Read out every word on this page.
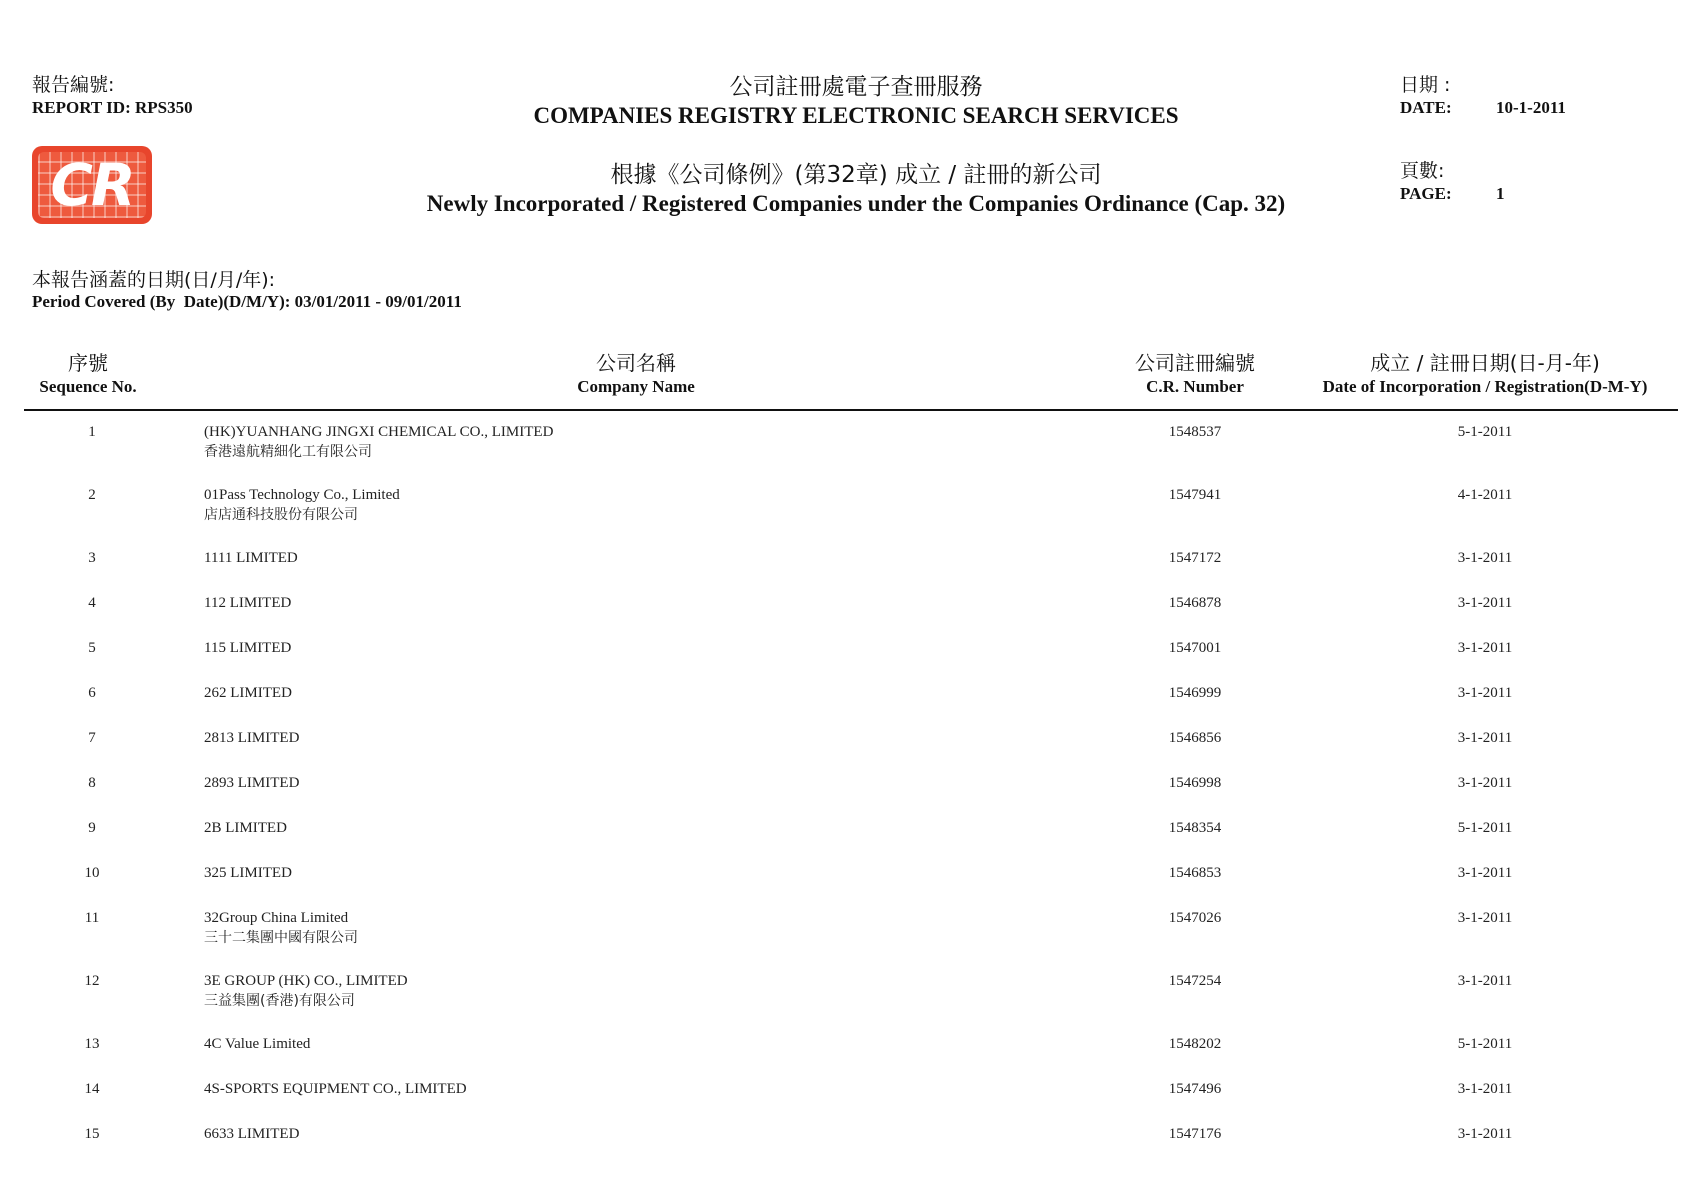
報告編號:
REPORT ID: RPS350
公司註冊處電子查冊服務
COMPANIES REGISTRY ELECTRONIC SEARCH SERVICES
根據《公司條例》(第32章) 成立 / 註冊的新公司
Newly Incorporated / Registered Companies under the Companies Ordinance (Cap. 32)
CR
日期 :
DATE:	10-1-2011
頁數:
PAGE:	1
本報告涵蓋的日期(日/月/年):
Period Covered (By  Date)(D/M/Y): 03/01/2011 - 09/01/2011
序號
Sequence No.
公司名稱
Company Name
公司註冊編號
C.R. Number
成立 / 註冊日期(日-月-年)
Date of Incorporation / Registration(D-M-Y)
1	(HK)YUANHANG JINGXI CHEMICAL CO., LIMITED
香港遠航精細化工有限公司
1548537	5-1-2011
2	01Pass Technology Co., Limited
店店通科技股份有限公司
1547941	4-1-2011
3	1111 LIMITED	1547172	3-1-2011
4	112 LIMITED	1546878	3-1-2011
5	115 LIMITED	1547001	3-1-2011
6	262 LIMITED	1546999	3-1-2011
7	2813 LIMITED	1546856	3-1-2011
8	2893 LIMITED	1546998	3-1-2011
9	2B LIMITED	1548354	5-1-2011
10	325 LIMITED	1546853	3-1-2011
11	32Group China Limited
三十二集團中國有限公司
1547026	3-1-2011
12	3E GROUP (HK) CO., LIMITED
三益集團(香港)有限公司
1547254	3-1-2011
13	4C Value Limited	1548202	5-1-2011
14	4S-SPORTS EQUIPMENT CO., LIMITED	1547496	3-1-2011
15	6633 LIMITED	1547176	3-1-2011
